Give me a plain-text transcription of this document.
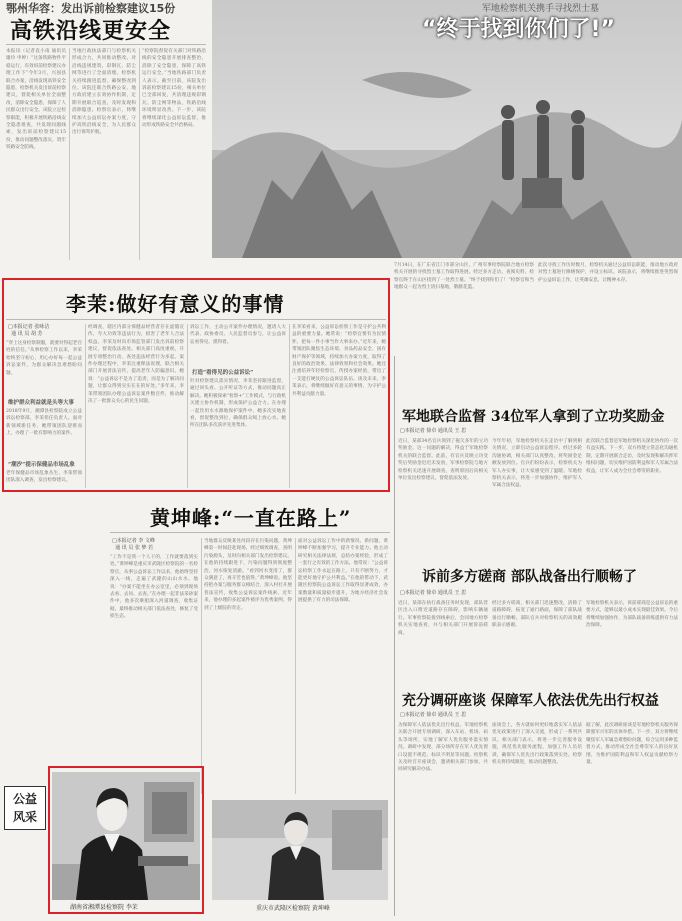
鄂州华容：发出诉前检察建议15份
高铁沿线更安全
本报讯（记者袁小南 通讯员谢玲 申婷）“这条铁路物件平稳运行，有效诉前检察建议办理工作下”今年3月，兴国县联合办案，沿线发现高铁安全隐患，检察机关发出诉前检察建议，督促相关单位全面整改，消除安全隐患，保障了人民群众出行安全。该院立足检察职能，积极开展铁路沿线安全隐患排查，共发现问题线索，发出诉前检察建议15份，推动问题整改落实，筑牢铁路安全防线。
当地行政执法部门与检察机关形成合力，共同推动整改。对沿线违规建筑、彩钢瓦、防尘网等进行了全面清理。检察机关持续跟进监督，确保整改到位。该院还联合铁路公安、地方政府建立长效协作机制，定期开展联合巡查，及时发现和消除隐患。检察官表示，将继续加大公益诉讼办案力度，守护高铁沿线安全，为人民群众出行保驾护航。
“检察院督促有关部门对铁路沿线的安全隐患开展排查整治，消除了安全隐患，保障了高铁运行安全。”当地铁路部门负责人表示。截至目前，该院发出诉前检察建议15份，相关单位已全部回复，共清理违规彩钢瓦、防尘网等物品，铁路沿线环境明显改善。下一步，该院将继续深化公益诉讼监督，推动形成铁路安全共治格局。
军地检察机关携手寻找烈士墓
“终于找到你们了!”
7月14日，在广东省江门市部分山区，广州军事检察院联合地方检察机关开展的寻找烈士墓工作取得进展。经过多方走访、查阅史料，检察官终于在山区找到了一处烈士墓。“终于找到你们了！”检察官和当地群众一起为烈士清扫墓地，敬献花篮。
此次寻找工作历时数月，检察机关通过公益诉讼职能，推动地方政府对烈士墓进行修缮保护，并设立标识。该院表示，将继续推进英烈保护公益诉讼工作，让英雄安息，让精神永存。
李茉:做好有意义的事情
□本报记者 张咏洁
通 讯 员 胡 芳
“穿上这身检察制服，就要对得起老百姓的信任。”从事检察工作以来，李茉始终坚守初心，用心办好每一起公益诉讼案件，为群众解决急难愁盼问题。
维护群众利益就是头等大事
2018年9月，湘潭县检察院成立公益诉讼检察部，李茉担任负责人。面对新领域新任务，她带领团队迎难而上，办理了一批有影响力的案件。
“潮汐”提示保健品市场乱象
老年保健品市场乱象丛生，李茉带领团队深入调查，发出检察建议。
经调查，辖区内部分保健品经营者存在虚假宣传、夸大功效等违法行为，损害了老年人合法权益。李茉及时向市场监管部门发出诉前检察建议，督促依法查处。相关部门高度重视，开展专项整治行动，查处违法经营行为多起。案件办理过程中，李茉注重释法说理，联合相关部门开展普法宣传，提高老年人防骗意识。她说：“公益诉讼不是为了追责，而是为了解决问题，让群众得到实实在在的好处。”多年来，李茉带领团队办理公益诉讼案件数百件，推动解决了一批群众关心的民生问题。
诉讼工作，主动公开案件办理情况，邀请人大代表、政协委员、人民监督员参与，让公益诉讼看得见、摸得着。
打造“看得见的公益诉讼”
针对检察建议落实情况，李茉坚持跟进监督，通过回头看、公开听证等方式，推动问题真正解决。她积极探索“检察+”工作模式，与行政机关建立协作机制，形成保护公益合力。在办理一起饮用水水源地保护案件中，她多次实地查看，督促整改到位，确保群众喝上放心水。她所在团队多次获评先进集体。
在李茉看来，公益诉讼检察工作是守护公共利益的重要力量。她常说：“检察官要有为民情怀，把每一件小事当作大事来办。”近年来，她带领团队聚焦生态环境、食品药品安全、国有财产保护等领域，持续加大办案力度，取得了良好的政治效果、法律效果和社会效果。她还注重培养年轻检察官，传授办案经验，带出了一支能打硬仗的公益诉讼队伍。谈及未来，李茉表示，将继续做好有意义的事情，为守护公共利益贡献力量。
黄坤峰:“一直在路上”
□本报记者 李 文峰
通 讯 员 张 梦 若
“工作不是我一个人干的，工作就要落到实处。”黄坤峰是重庆市武隆区检察院的一名检察官，从事公益诉讼工作以来，他始终坚持深入一线，走遍了武隆的山山水水。他说：“办案不能坐在办公室里，必须到现场去看、去问、去查。”在办理一起非法采砂案件中，他多次乘船深入河道调查，收集证据，最终推动相关部门依法查处，修复了受损生态。
当地群众反映某处河段存在污染问题，黄坤峰第一时间赶赴现场，经过细致调查，查明污染源头，及时向相关部门发出检察建议。在他的持续跟进下，污染问题得到彻底整治，河水恢复清澈。“看到河水变清了，群众满意了，再辛苦也值得。”黄坤峰说。他坚持把办案与服务群众相结合，深入村社开展普法宣传，收集公益诉讼案件线索。近年来，他办理的多起案件被评为优秀案例，得到了上级院的肯定。
面对公益诉讼工作中的新情况、新问题，黄坤峰不断加强学习，提升专业能力。他主动研究相关法律法规，总结办案经验，形成了一套行之有效的工作方法。他常说：“公益诉讼检察工作永远在路上，只有不断努力，才能更好地守护公共利益。”在他的带动下，武隆区检察院公益诉讼工作取得显著成效，办案数量和质量稳步提升，为地方经济社会发展提供了有力的司法保障。
公益
风采
湖南省湘潭县检察院 李茉	重庆市武隆区检察院 黄坤峰
军地联合监督 34位军人拿到了立功奖励金
□本报记者 徐卓 通讯员 王 思
近日，某部34名官兵领到了拖欠多年的立功奖励金。这一问题的解决，得益于军地检察机关的联合监督。此前，有官兵反映立功受奖后奖励金迟迟未发放，军事检察院与地方检察机关迅速开展调查，查明原因后向相关单位发出检察建议，督促依法发放。
今年年初，军地检察机关在走访中了解到相关情况，立即启动公益诉讼程序。经过多轮沟通协调，相关部门认真整改，将奖励金足额发放到位。官兵们纷纷表示，检察机关为军人办实事，让大家感受到了温暖。军地检察机关表示，将进一步加强协作，维护军人军属合法权益。
此次联合监督是军地检察机关深化协作的一次有益实践。下一步，双方将建立常态化沟通机制，定期开展联合走访，及时发现和解决涉军维权问题，切实维护国防利益和军人军属合法权益，让军人成为全社会尊崇的职业。
诉前多方磋商 部队战备出行顺畅了
□本报记者 徐卓 通讯员 王 思
近日，某部在执行战备任务时发现，部队营区出入口附近道路存在障碍，影响车辆通行。军事检察院接到线索后，会同地方检察机关实地查看，并与相关部门开展诉前磋商。
经过多方磋商，相关部门迅速整改，清除了道路障碍，拓宽了通行路面，保障了部队战备出行顺畅。部队官兵对检察机关的高效履职表示感谢。
军地检察机关表示，诉前磋商是公益诉讼的重要方式，能够以最小成本实现最佳效果。今后将继续加强协作，为部队战备训练提供有力法治保障。
充分调研座谈 保障军人依法优先出行权益
□本报记者 徐卓 通讯员 王 思
为保障军人依法优先出行权益，军地检察机关联合开展专项调研，深入车站、机场、码头等场所，实地了解军人优先服务落实情况。调研中发现，部分场所存在军人优先窗口设置不规范、标识不明显等问题。检察机关及时召开座谈会，邀请相关部门参加，共同研究解决办法。
座谈会上，各方就如何更好地落实军人依法优先政策进行了深入交流，形成了一系列共识。相关部门表示，将进一步完善服务设施，规范优先服务流程，加强工作人员培训，确保军人优先出行政策落到实处。检察机关将持续跟进，推动问题整改。
据了解，此次调研座谈是军地检察机关服务保障强军兴军的具体举措。下一步，双方将继续聚焦军人军属急难愁盼问题，综合运用多种监督方式，推动形成全社会尊崇军人的良好氛围，为维护国防利益和军人权益贡献检察力量。
